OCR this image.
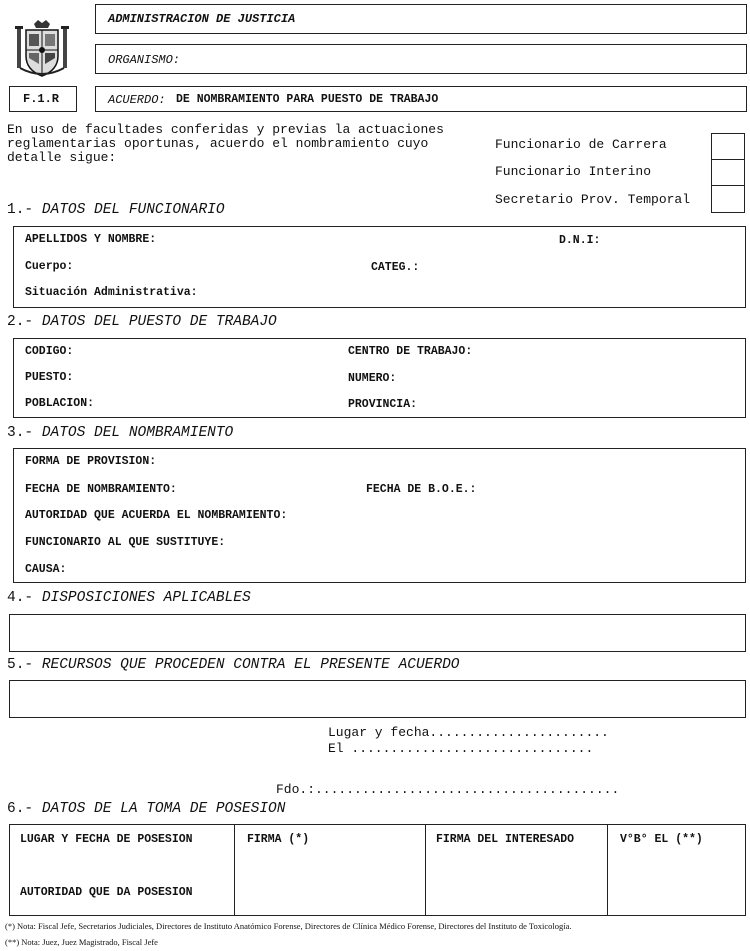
ADMINISTRACION DE JUSTICIA
ORGANISMO:
F.1.R	ACUERDO: DE NOMBRAMIENTO PARA PUESTO DE TRABAJO
En uso de facultades conferidas y previas la actuaciones
reglamentarias oportunas, acuerdo el nombramiento cuyo
detalle sigue:
Funcionario de Carrera
Funcionario Interino
Secretario Prov. Temporal
1.- DATOS DEL FUNCIONARIO
APELLIDOS Y NOMBRE:	D.N.I:
Cuerpo:	CATEG.:
Situación Administrativa:
2.- DATOS DEL PUESTO DE TRABAJO
CODIGO:	CENTRO DE TRABAJO:
PUESTO:	NUMERO:
POBLACION:	PROVINCIA:
3.- DATOS DEL NOMBRAMIENTO
FORMA DE PROVISION:
FECHA DE NOMBRAMIENTO:	FECHA DE B.O.E.:
AUTORIDAD QUE ACUERDA EL NOMBRAMIENTO:
FUNCIONARIO AL QUE SUSTITUYE:
CAUSA:
4.- DISPOSICIONES APLICABLES
5.- RECURSOS QUE PROCEDEN CONTRA EL PRESENTE ACUERDO
Lugar y fecha.......................
El ...............................
Fdo.:.......................................
6.- DATOS DE LA TOMA DE POSESION
LUGAR Y FECHA DE POSESION	FIRMA (*)	FIRMA DEL INTERESADO	V°B° EL (**)
AUTORIDAD QUE DA POSESION
(*) Nota: Fiscal Jefe, Secretarios Judiciales, Directores de Instituto Anatómico Forense, Directores de Clínica Médico Forense, Directores del Instituto de Toxicología.
(**) Nota: Juez, Juez Magistrado, Fiscal Jefe
